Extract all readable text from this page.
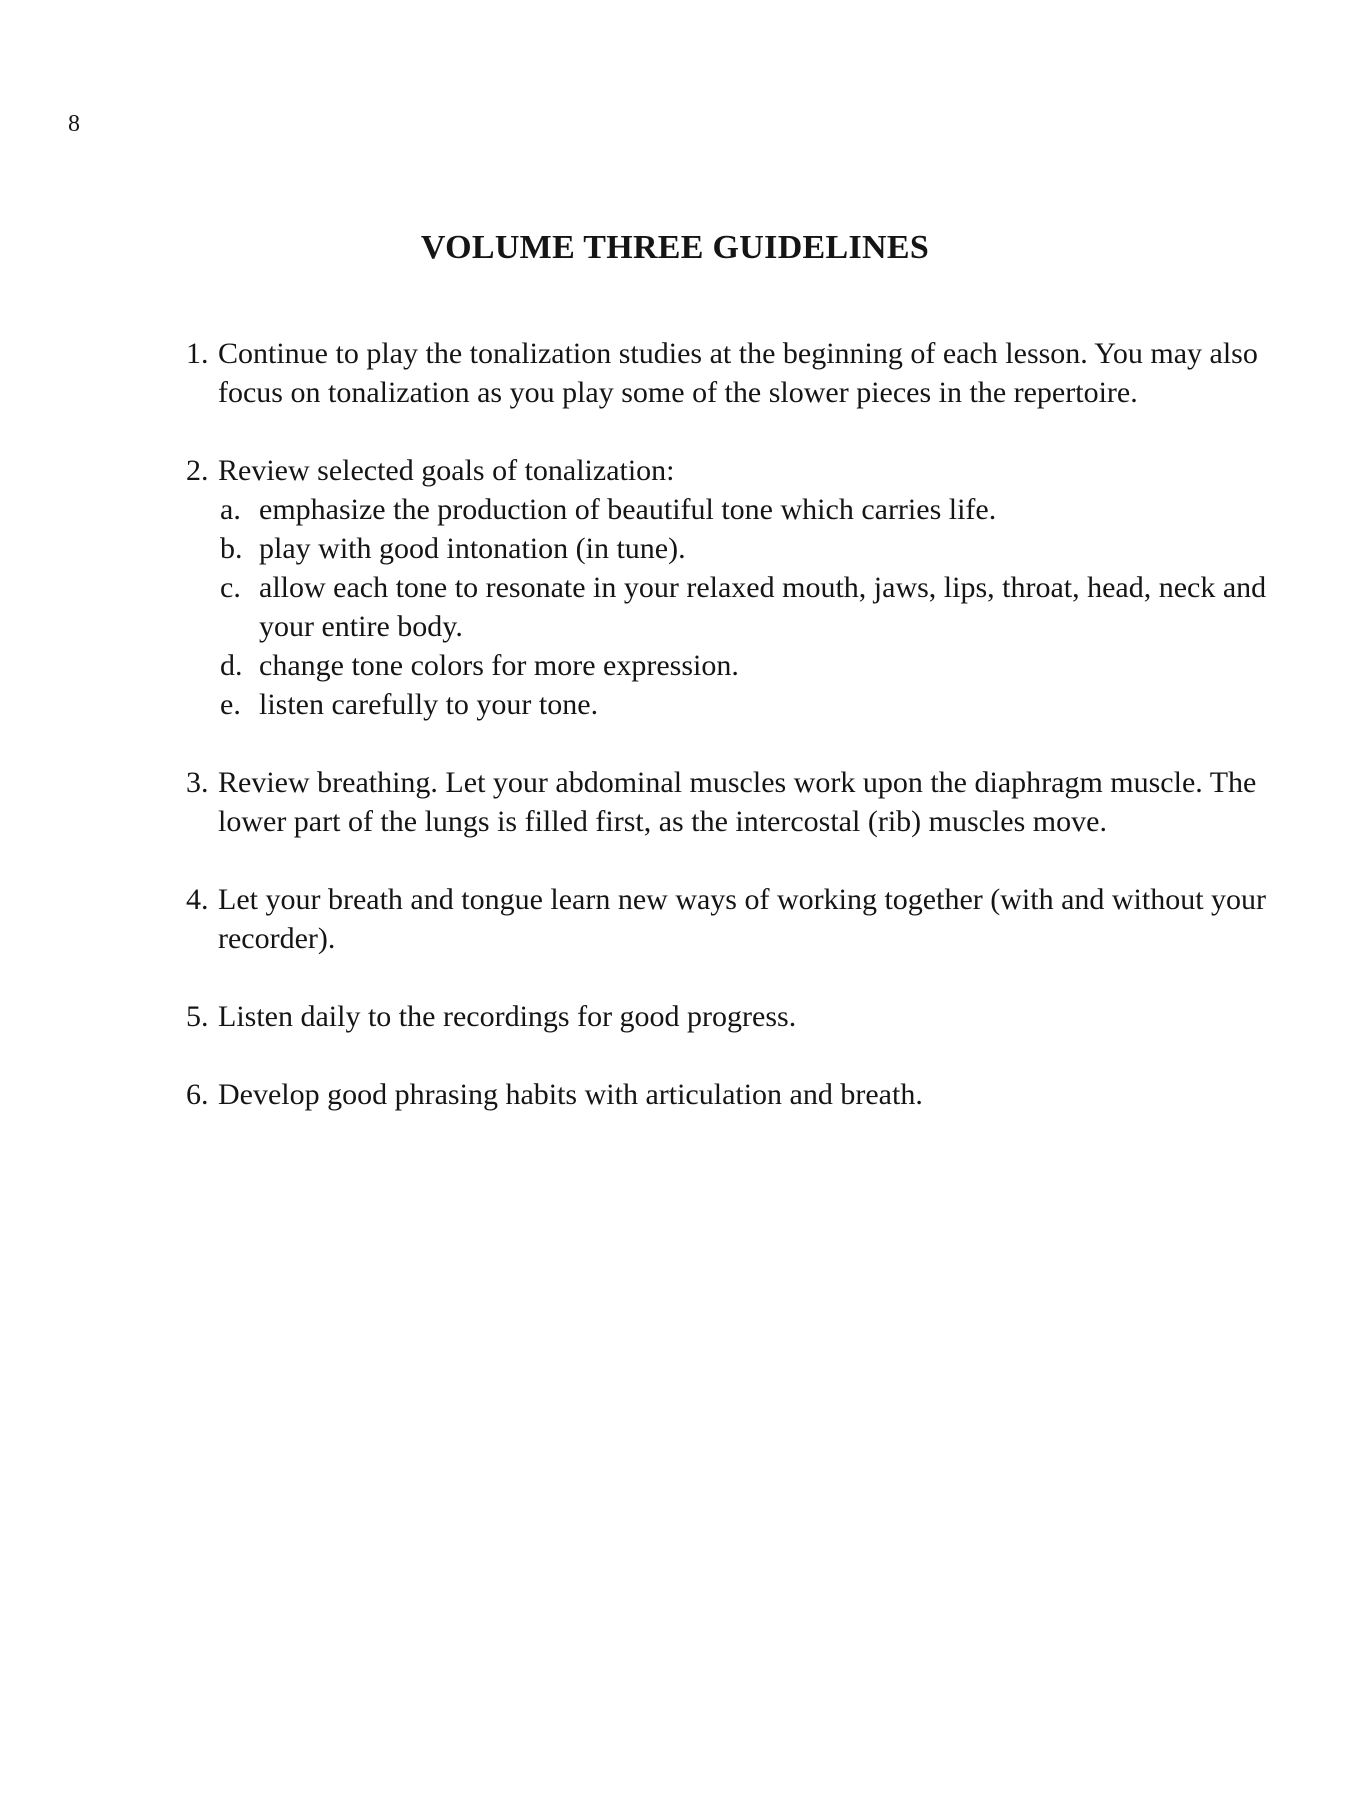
8
VOLUME THREE GUIDELINES
1. Continue to play the tonalization studies at the beginning of each lesson. You may also focus on tonalization as you play some of the slower pieces in the repertoire.
2. Review selected goals of tonalization:
a. emphasize the production of beautiful tone which carries life.
b. play with good intonation (in tune).
c. allow each tone to resonate in your relaxed mouth, jaws, lips, throat, head, neck and your entire body.
d. change tone colors for more expression.
e. listen carefully to your tone.
3. Review breathing. Let your abdominal muscles work upon the diaphragm muscle. The lower part of the lungs is filled first, as the intercostal (rib) muscles move.
4. Let your breath and tongue learn new ways of working together (with and without your recorder).
5. Listen daily to the recordings for good progress.
6. Develop good phrasing habits with articulation and breath.
